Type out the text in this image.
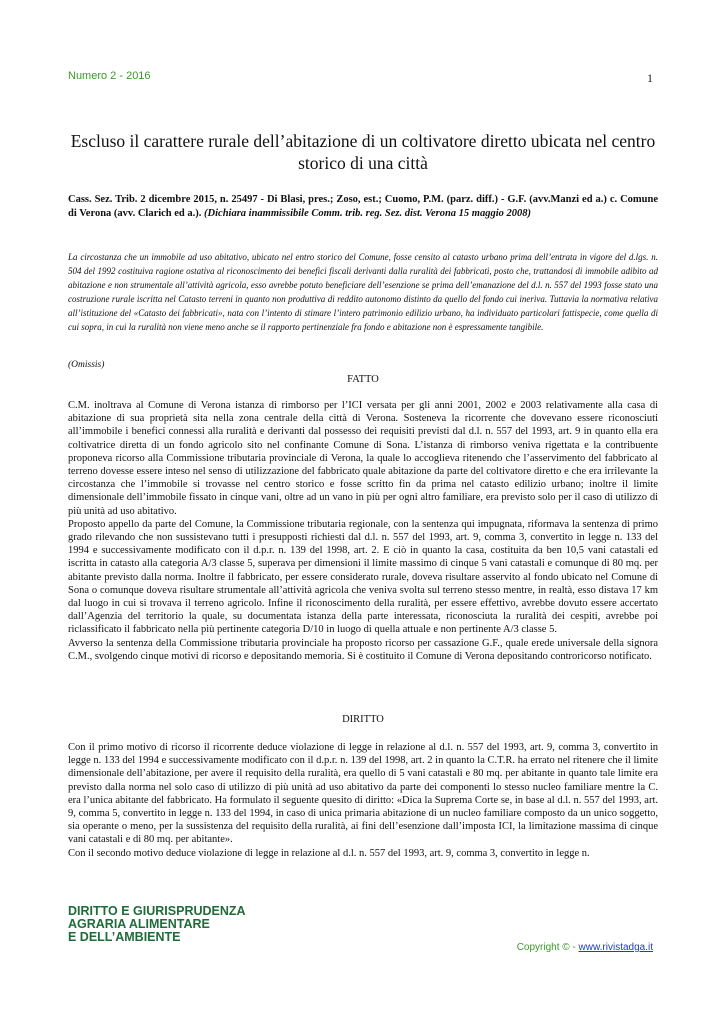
Numero 2 - 2016	1
Escluso il carattere rurale dell’abitazione di un coltivatore diretto ubicata nel centro storico di una città
Cass. Sez. Trib. 2 dicembre 2015, n. 25497 - Di Blasi, pres.; Zoso, est.; Cuomo, P.M. (parz. diff.) - G.F. (avv.Manzi ed a.) c. Comune di Verona (avv. Clarich ed a.). (Dichiara inammissibile Comm. trib. reg. Sez. dist. Verona 15 maggio 2008)
La circostanza che un immobile ad uso abitativo, ubicato nel entro storico del Comune, fosse censito al catasto urbano prima dell’entrata in vigore del d.lgs. n. 504 del 1992 costituiva ragione ostativa al riconoscimento dei benefici fiscali derivanti dalla ruralità dei fabbricati, posto che, trattandosi di immobile adibito ad abitazione e non strumentale all’attività agricola, esso avrebbe potuto beneficiare dell’esenzione se prima dell’emanazione del d.l. n. 557 del 1993 fosse stato una costruzione rurale iscritta nel Catasto terreni in quanto non produttiva di reddito autonomo distinto da quello del fondo cui ineriva. Tuttavia la normativa relativa all’istituzione del «Catasto dei fabbricati», nata con l’intento di stimare l’intero patrimonio edilizio urbano, ha individuato particolari fattispecie, come quella di cui sopra, in cui la ruralità non viene meno anche se il rapporto pertinenziale fra fondo e abitazione non è espressamente tangibile.
(Omissis)
FATTO

C.M. inoltrava al Comune di Verona istanza di rimborso per l’ICI versata per gli anni 2001, 2002 e 2003 relativamente alla casa di abitazione di sua proprietà sita nella zona centrale della città di Verona. Sosteneva la ricorrente che dovevano essere riconosciuti all’immobile i benefici connessi alla ruralità e derivanti dal possesso dei requisiti previsti dal d.l. n. 557 del 1993, art. 9 in quanto ella era coltivatrice diretta di un fondo agricolo sito nel confinante Comune di Sona. L’istanza di rimborso veniva rigettata e la contribuente proponeva ricorso alla Commissione tributaria provinciale di Verona, la quale lo accoglieva ritenendo che l’asservimento del fabbricato al terreno dovesse essere inteso nel senso di utilizzazione del fabbricato quale abitazione da parte del coltivatore diretto e che era irrilevante la circostanza che l’immobile si trovasse nel centro storico e fosse scritto fin da prima nel catasto edilizio urbano; inoltre il limite dimensionale dell’immobile fissato in cinque vani, oltre ad un vano in più per ogni altro familiare, era previsto solo per il caso di utilizzo di più unità ad uso abitativo.

Proposto appello da parte del Comune, la Commissione tributaria regionale, con la sentenza qui impugnata, riformava la sentenza di primo grado rilevando che non sussistevano tutti i presupposti richiesti dal d.l. n. 557 del 1993, art. 9, comma 3, convertito in legge n. 133 del 1994 e successivamente modificato con il d.p.r. n. 139 del 1998, art. 2. E ciò in quanto la casa, costituita da ben 10,5 vani catastali ed iscritta in catasto alla categoria A/3 classe 5, superava per dimensioni il limite massimo di cinque 5 vani catastali e comunque di 80 mq. per abitante previsto dalla norma. Inoltre il fabbricato, per essere considerato rurale, doveva risultare asservito al fondo ubicato nel Comune di Sona o comunque doveva risultare strumentale all’attività agricola che veniva svolta sul terreno stesso mentre, in realtà, esso distava 17 km dal luogo in cui si trovava il terreno agricolo. Infine il riconoscimento della ruralità, per essere effettivo, avrebbe dovuto essere accertato dall’Agenzia del territorio la quale, su documentata istanza della parte interessata, riconosciuta la ruralità dei cespiti, avrebbe poi riclassificato il fabbricato nella più pertinente categoria D/10 in luogo di quella attuale e non pertinente A/3 classe 5.

Avverso la sentenza della Commissione tributaria provinciale ha proposto ricorso per cassazione G.F., quale erede universale della signora C.M., svolgendo cinque motivi di ricorso e depositando memoria. Si è costituito il Comune di Verona depositando controricorso notificato.

DIRITTO

Con il primo motivo di ricorso il ricorrente deduce violazione di legge in relazione al d.l. n. 557 del 1993, art. 9, comma 3, convertito in legge n. 133 del 1994 e successivamente modificato con il d.p.r. n. 139 del 1998, art. 2 in quanto la C.T.R. ha errato nel ritenere che il limite dimensionale dell’abitazione, per avere il requisito della ruralità, era quello di 5 vani catastali e 80 mq. per abitante in quanto tale limite era previsto dalla norma nel solo caso di utilizzo di più unità ad uso abitativo da parte dei componenti lo stesso nucleo familiare mentre la C. era l’unica abitante del fabbricato. Ha formulato il seguente quesito di diritto: «Dica la Suprema Corte se, in base al d.l. n. 557 del 1993, art. 9, comma 5, convertito in legge n. 133 del 1994, in caso di unica primaria abitazione di un nucleo familiare composto da un unico soggetto, sia operante o meno, per la sussistenza del requisito della ruralità, ai fini dell’esenzione dall’imposta ICI, la limitazione massima di cinque vani catastali e di 80 mq. per abitante».

Con il secondo motivo deduce violazione di legge in relazione al d.l. n. 557 del 1993, art. 9, comma 3, convertito in legge n.

DIRITTO E GIURISPRUDENZA
AGRARIA ALIMENTARE
E DELL’AMBIENTE
Copyright © - www.rivistadga.it
